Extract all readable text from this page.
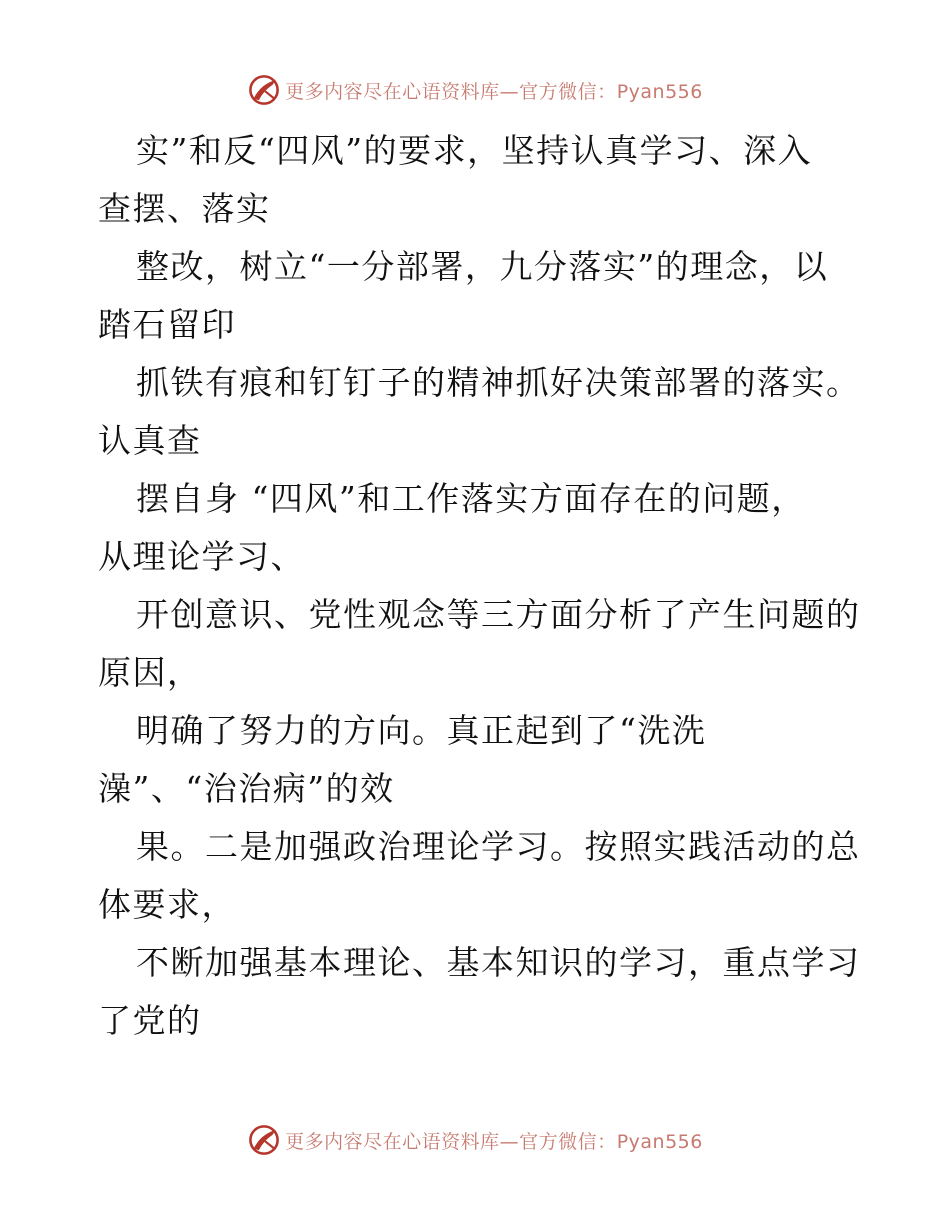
更多内容尽在心语资料库—官方微信：Pyan556
实”和反“四风”的要求，坚持认真学习、深入
查摆、落实
整改，树立“一分部署，九分落实”的理念，以
踏石留印
抓铁有痕和钉钉子的精神抓好决策部署的落实。
认真查
摆自身 “四风”和工作落实方面存在的问题，
从理论学习、
开创意识、党性观念等三方面分析了产生问题的
原因，
明确了努力的方向。真正起到了“洗洗
澡”、“治治病”的效
果。二是加强政治理论学习。按照实践活动的总
体要求，
不断加强基本理论、基本知识的学习，重点学习
了党的
更多内容尽在心语资料库—官方微信：Pyan556
